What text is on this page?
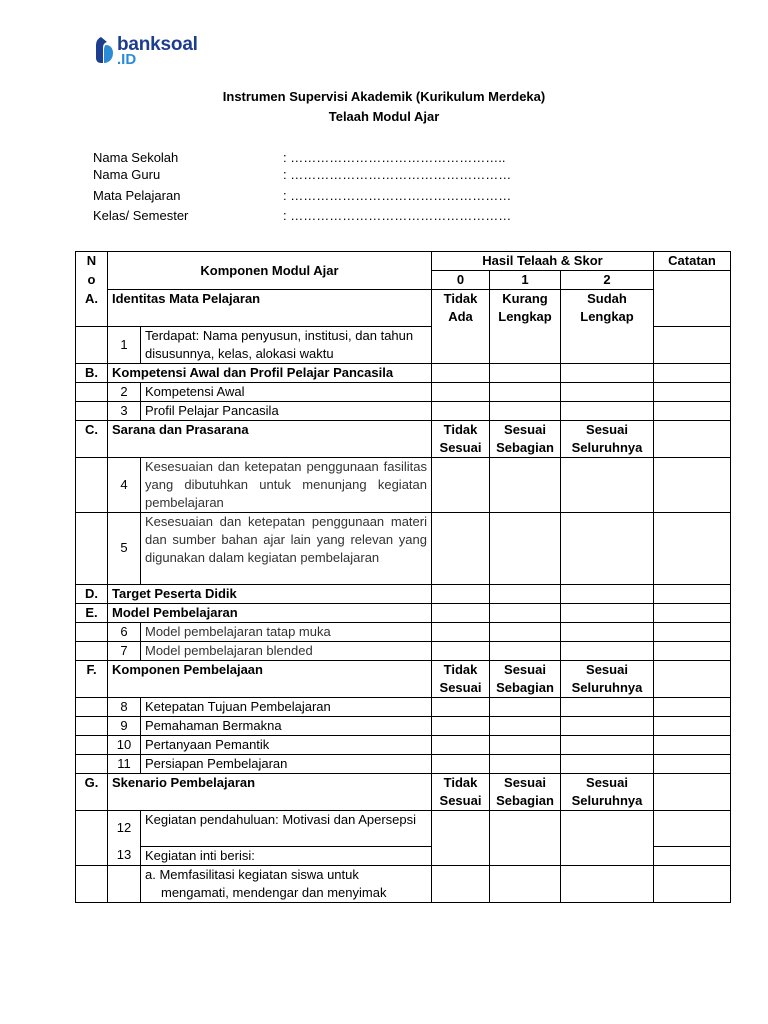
banksoal
.ID
Instrumen Supervisi Akademik (Kurikulum Merdeka)
Telaah Modul Ajar
Nama Sekolah	: …………………………………………..
Nama Guru	: ……………………………………………
Mata Pelajaran	: ……………………………………………
Kelas/ Semester	: ……………………………………………
N	Komponen Modul Ajar		Hasil Telaah & Skor			Catatan
o			0	1	2	
A.	Identitas Mata Pelajaran		Tidak Ada	Kurang Lengkap	Sudah Lengkap	
	1	Terdapat: Nama penyusun, institusi, dan tahun disusunnya, kelas, alokasi waktu				
B.	Kompetensi Awal dan Profil Pelajar Pancasila					
	2	Kompetensi Awal				
	3	Profil Pelajar Pancasila				
C.	Sarana dan Prasarana		Tidak Sesuai	Sesuai Sebagian	Sesuai Seluruhnya	
	4	Kesesuaian dan ketepatan penggunaan fasilitas yang dibutuhkan untuk menunjang kegiatan pembelajaran				
	5	Kesesuaian dan ketepatan penggunaan materi dan sumber bahan ajar lain yang relevan yang digunakan dalam kegiatan pembelajaran				
D.	Target Peserta Didik					
E.	Model Pembelajaran					
	6	Model pembelajaran tatap muka				
	7	Model pembelajaran blended				
F.	Komponen Pembelajaan		Tidak Sesuai	Sesuai Sebagian	Sesuai Seluruhnya	
	8	Ketepatan Tujuan Pembelajaran				
	9	Pemahaman Bermakna				
	10	Pertanyaan Pemantik				
	11	Persiapan Pembelajaran				
G.	Skenario Pembelajaran		Tidak Sesuai	Sesuai Sebagian	Sesuai Seluruhnya	
	12	Kegiatan pendahuluan: Motivasi dan Apersepsi				
	13	Kegiatan inti berisi:				

		a. Memfasilitasi kegiatan siswa untuk mengamati, mendengar dan menyimak				
